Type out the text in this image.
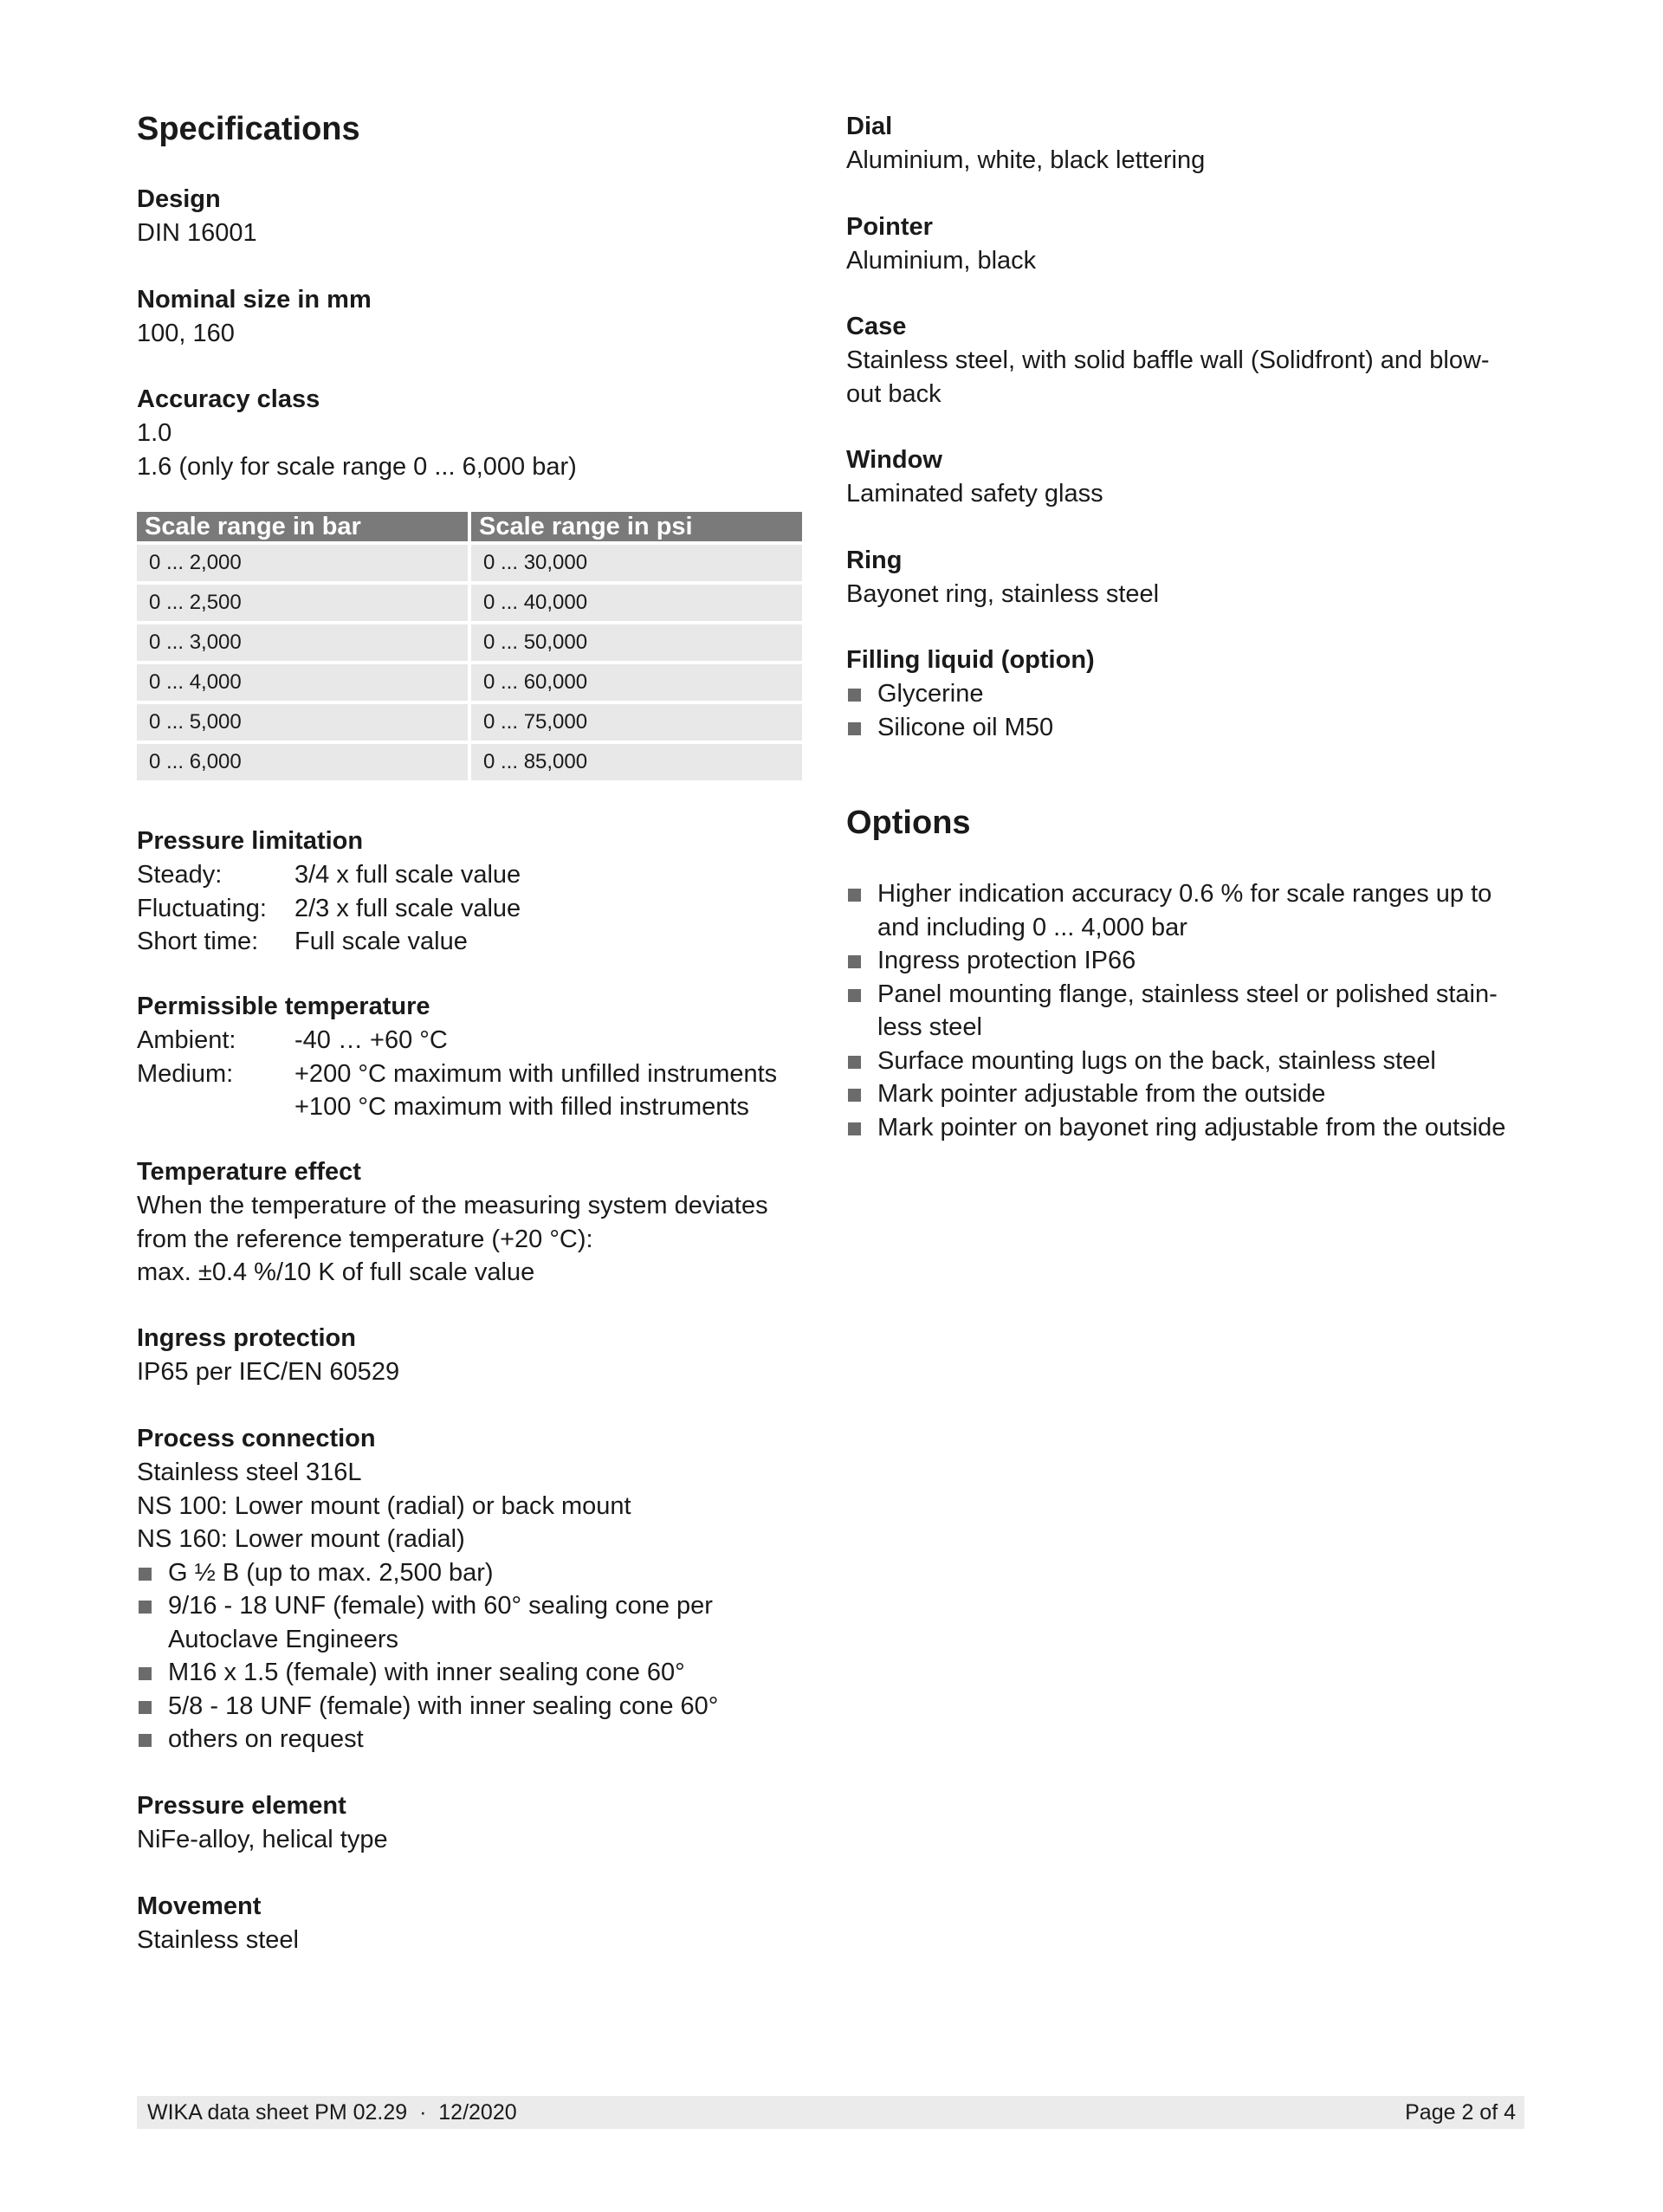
Specifications

Design

DIN 16001

Nominal size in mm

100, 160

Accuracy class

1.0

1.6 (only for scale range 0 ... 6,000 bar)

Scale range in bar	Scale range in psi
0 ... 2,000	0 ... 30,000
0 ... 2,500	0 ... 40,000
0 ... 3,000	0 ... 50,000
0 ... 4,000	0 ... 60,000
0 ... 5,000	0 ... 75,000
0 ... 6,000	0 ... 85,000

Pressure limitation

Steady:	3/4 x full scale value
Fluctuating:	2/3 x full scale value
Short time:	Full scale value

Permissible temperature

Ambient:	-40 … +60 °C
Medium:	+200 °C maximum with unfilled instruments
+100 °C maximum with filled instruments

Temperature effect

When the temperature of the measuring system deviates

from the reference temperature (+20 °C):

max. ±0.4 %/10 K of full scale value

Ingress protection

IP65 per IEC/EN 60529

Process connection

Stainless steel 316L

NS 100: Lower mount (radial) or back mount

NS 160: Lower mount (radial)

G ½ B (up to max. 2,500 bar)
9/16 - 18 UNF (female) with 60° sealing cone per Autoclave Engineers
M16 x 1.5 (female) with inner sealing cone 60°
5/8 - 18 UNF (female) with inner sealing cone 60°
others on request

Pressure element

NiFe-alloy, helical type

Movement

Stainless steel

Dial

Aluminium, white, black lettering

Pointer

Aluminium, black

Case

Stainless steel, with solid baffle wall (Solidfront) and blow-out back

Window

Laminated safety glass

Ring

Bayonet ring, stainless steel

Filling liquid (option)

Glycerine
Silicone oil M50
Options
Higher indication accuracy 0.6 % for scale ranges up to and including 0 ... 4,000 bar
Ingress protection IP66
Panel mounting flange, stainless steel or polished stain-less steel
Surface mounting lugs on the back, stainless steel
Mark pointer adjustable from the outside
Mark pointer on bayonet ring adjustable from the outside
WIKA data sheet PM 02.29  ·  12/2020	Page 2 of 4
